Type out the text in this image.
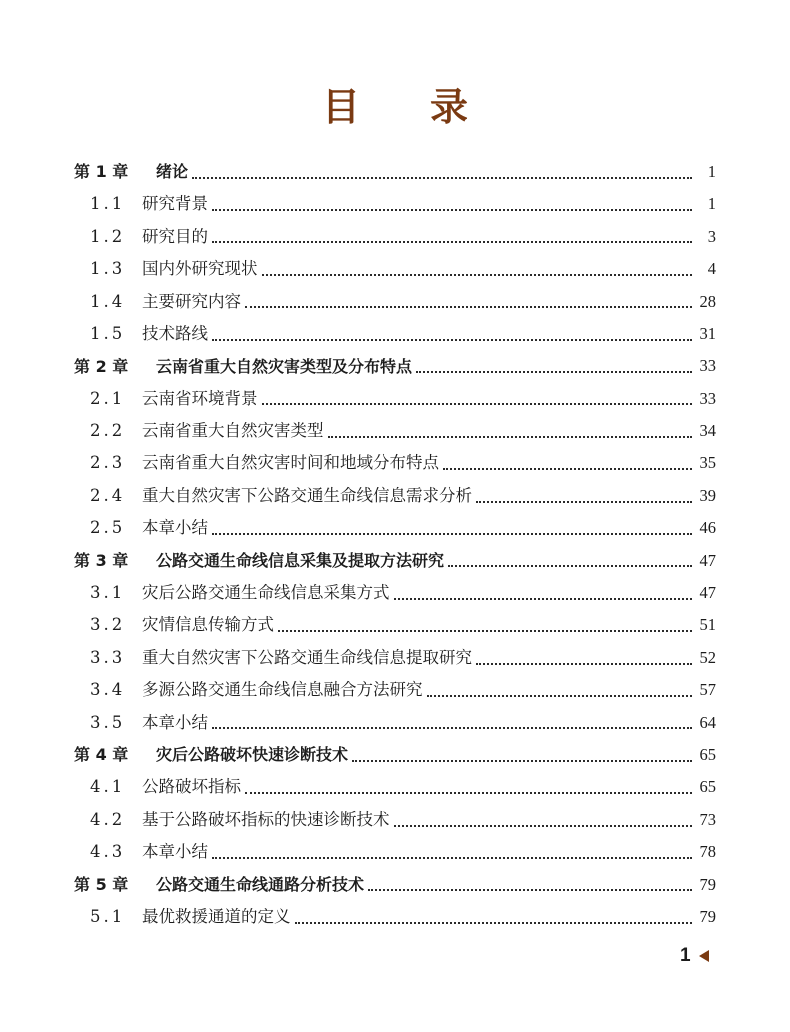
目 录
第 1 章	绪论	1
1.1	研究背景	1
1.2	研究目的	3
1.3	国内外研究现状	4
1.4	主要研究内容	28
1.5	技术路线	31
第 2 章	云南省重大自然灾害类型及分布特点	33
2.1	云南省环境背景	33
2.2	云南省重大自然灾害类型	34
2.3	云南省重大自然灾害时间和地域分布特点	35
2.4	重大自然灾害下公路交通生命线信息需求分析	39
2.5	本章小结	46
第 3 章	公路交通生命线信息采集及提取方法研究	47
3.1	灾后公路交通生命线信息采集方式	47
3.2	灾情信息传输方式	51
3.3	重大自然灾害下公路交通生命线信息提取研究	52
3.4	多源公路交通生命线信息融合方法研究	57
3.5	本章小结	64
第 4 章	灾后公路破坏快速诊断技术	65
4.1	公路破坏指标	65
4.2	基于公路破坏指标的快速诊断技术	73
4.3	本章小结	78
第 5 章	公路交通生命线通路分析技术	79
5.1	最优救援通道的定义	79
1
